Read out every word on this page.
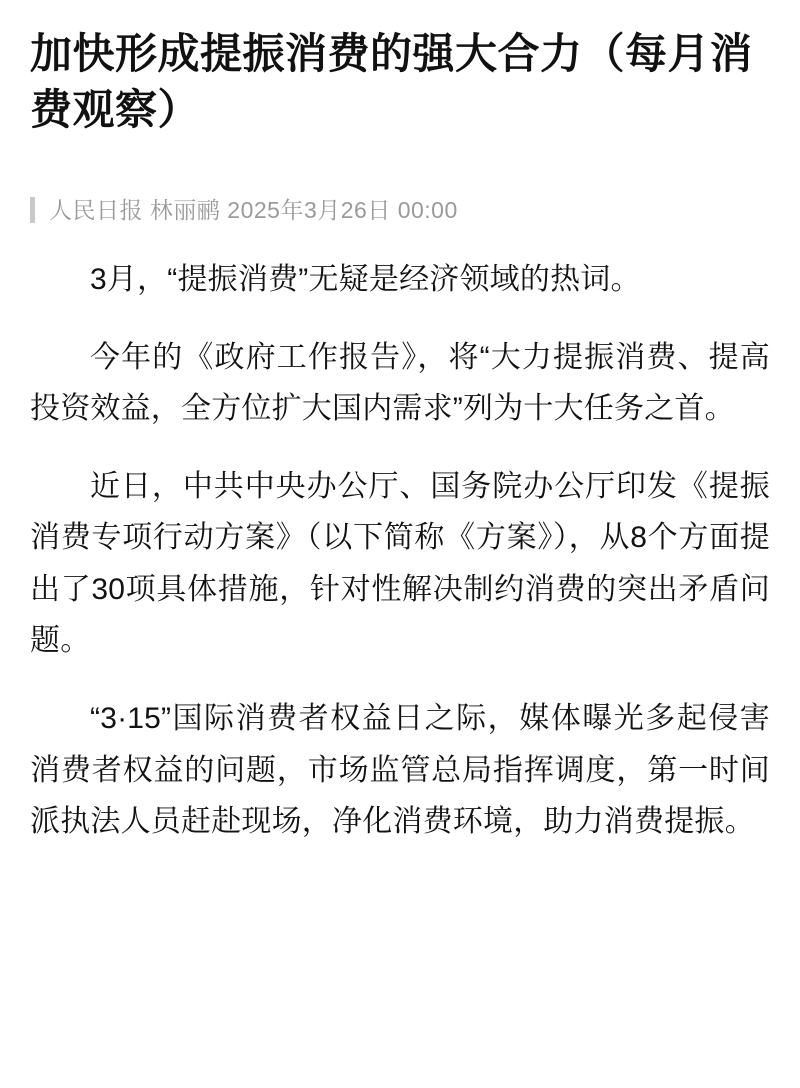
加快形成提振消费的强大合力（每月消费观察）
人民日报 林丽鹂 2025年3月26日 00:00

3月，“提振消费”无疑是经济领域的热词。

今年的《政府工作报告》，将“大力提振消费、提高投资效益，全方位扩大国内需求”列为十大任务之首。

近日，中共中央办公厅、国务院办公厅印发《提振消费专项行动方案》（以下简称《方案》），从8个方面提出了30项具体措施，针对性解决制约消费的突出矛盾问题。

“3·15”国际消费者权益日之际，媒体曝光多起侵害消费者权益的问题，市场监管总局指挥调度，第一时间派执法人员赶赴现场，净化消费环境，助力消费提振。
